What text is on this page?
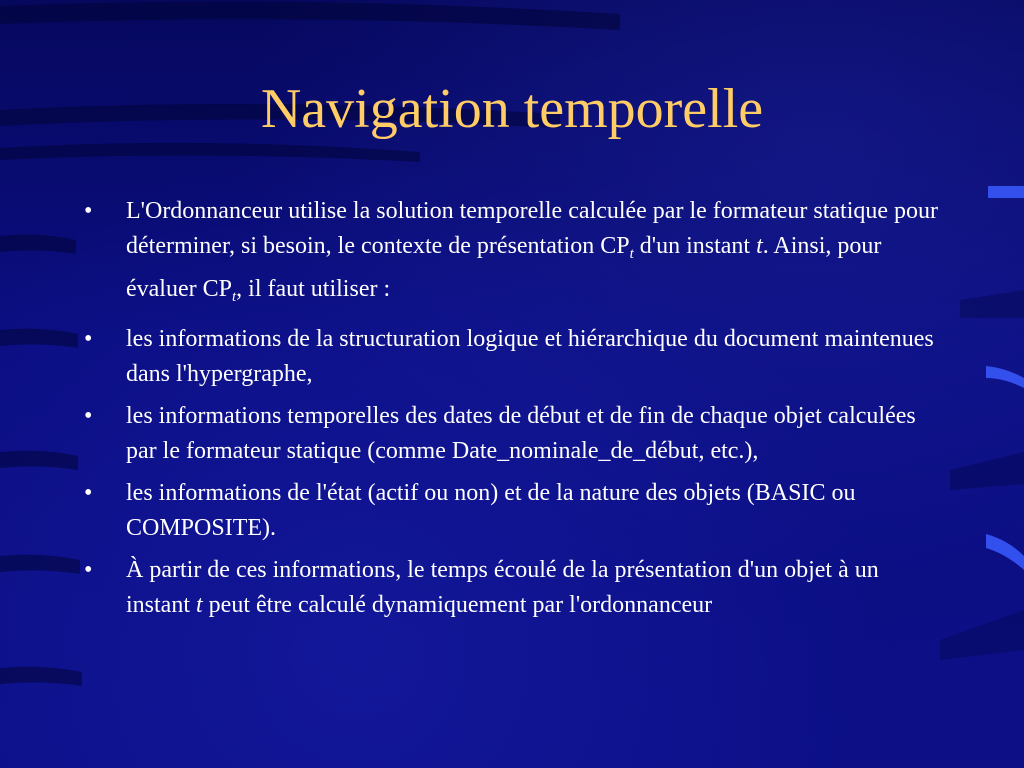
Navigation temporelle
• L'Ordonnanceur utilise la solution temporelle calculée par le formateur statique pour déterminer, si besoin, le contexte de présentation $CP_t$ d'un instant t. Ainsi, pour évaluer $CP_t$, il faut utiliser :
• les informations de la structuration logique et hiérarchique du document maintenues dans l'hypergraphe,
• les informations temporelles des dates de début et de fin de chaque objet calculées par le formateur statique (comme Date_nominale_de_début, etc.),
• les informations de l'état (actif ou non) et de la nature des objets (BASIC ou COMPOSITE).
• À partir de ces informations, le temps écoulé de la présentation d'un objet à un instant t peut être calculé dynamiquement par l'ordonnanceur
